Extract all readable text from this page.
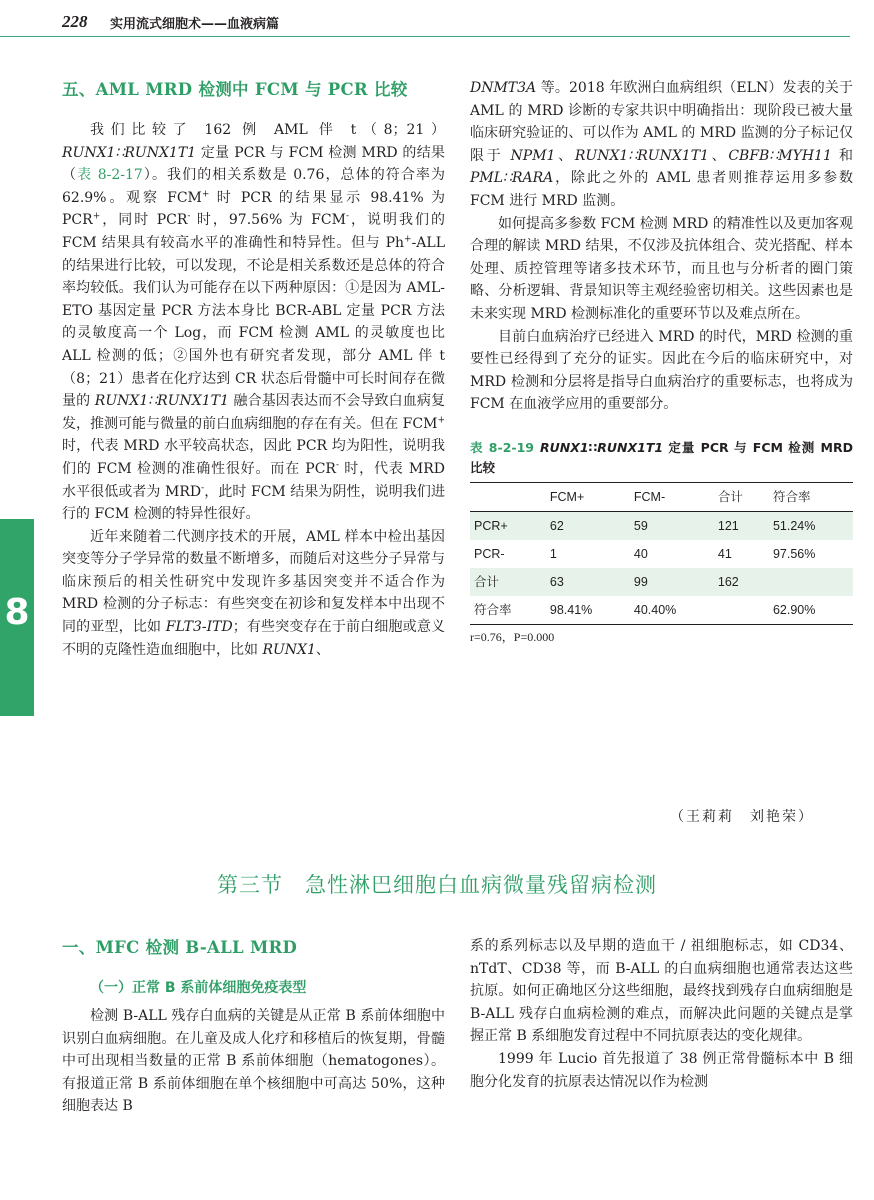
228 实用流式细胞术——血液病篇
8
五、AML MRD 检测中 FCM 与 PCR 比较

我们比较了 162 例 AML 伴 t（8；21）RUNX1∷RUNX1T1 定量 PCR 与 FCM 检测 MRD 的结果（表 8-2-17）。我们的相关系数是 0.76，总体的符合率为 62.9%。观察 FCM+ 时 PCR 的结果显示 98.41% 为 PCR+，同时 PCR- 时，97.56% 为 FCM-，说明我们的 FCM 结果具有较高水平的准确性和特异性。但与 Ph+-ALL 的结果进行比较，可以发现，不论是相关系数还是总体的符合率均较低。我们认为可能存在以下两种原因：①是因为 AML-ETO 基因定量 PCR 方法本身比 BCR-ABL 定量 PCR 方法的灵敏度高一个 Log，而 FCM 检测 AML 的灵敏度也比 ALL 检测的低；②国外也有研究者发现，部分 AML 伴 t（8；21）患者在化疗达到 CR 状态后骨髓中可长时间存在微量的 RUNX1∷RUNX1T1 融合基因表达而不会导致白血病复发，推测可能与微量的前白血病细胞的存在有关。但在 FCM+ 时，代表 MRD 水平较高状态，因此 PCR 均为阳性，说明我们的 FCM 检测的准确性很好。而在 PCR- 时，代表 MRD 水平很低或者为 MRD-，此时 FCM 结果为阴性，说明我们进行的 FCM 检测的特异性很好。

近年来随着二代测序技术的开展，AML 样本中检出基因突变等分子学异常的数量不断增多，而随后对这些分子异常与临床预后的相关性研究中发现许多基因突变并不适合作为 MRD 检测的分子标志：有些突变在初诊和复发样本中出现不同的亚型，比如 FLT3-ITD；有些突变存在于前白细胞或意义不明的克隆性造血细胞中，比如 RUNX1、

DNMT3A 等。2018 年欧洲白血病组织（ELN）发表的关于 AML 的 MRD 诊断的专家共识中明确指出：现阶段已被大量临床研究验证的、可以作为 AML 的 MRD 监测的分子标记仅限于 NPM1、RUNX1∷RUNX1T1、CBFB∷MYH11 和 PML∷RARA，除此之外的 AML 患者则推荐运用多参数 FCM 进行 MRD 监测。

如何提高多参数 FCM 检测 MRD 的精准性以及更加客观合理的解读 MRD 结果，不仅涉及抗体组合、荧光搭配、样本处理、质控管理等诸多技术环节，而且也与分析者的圈门策略、分析逻辑、背景知识等主观经验密切相关。这些因素也是未来实现 MRD 检测标准化的重要环节以及难点所在。

目前白血病治疗已经进入 MRD 的时代，MRD 检测的重要性已经得到了充分的证实。因此在今后的临床研究中，对 MRD 检测和分层将是指导白血病治疗的重要标志，也将成为 FCM 在血液学应用的重要部分。

表 8-2-19 RUNX1∷RUNX1T1 定量 PCR 与 FCM 检测 MRD 比较
	FCM+	FCM-	合计	符合率
PCR+	62	59	121	51.24%
PCR-	1	40	41	97.56%
合计	63	99	162	
符合率	98.41%	40.40%		62.90%
r=0.76，P=0.000
（王莉莉　刘艳荣）
第三节　急性淋巴细胞白血病微量残留病检测
一、MFC 检测 B-ALL MRD
（一）正常 B 系前体细胞免疫表型

检测 B-ALL 残存白血病的关键是从正常 B 系前体细胞中识别白血病细胞。在儿童及成人化疗和移植后的恢复期，骨髓中可出现相当数量的正常 B 系前体细胞（hematogones）。有报道正常 B 系前体细胞在单个核细胞中可高达 50%，这种细胞表达 B

系的系列标志以及早期的造血干 / 祖细胞标志，如 CD34、nTdT、CD38 等，而 B-ALL 的白血病细胞也通常表达这些抗原。如何正确地区分这些细胞，最终找到残存白血病细胞是 B-ALL 残存白血病检测的难点，而解决此问题的关键点是掌握正常 B 系细胞发育过程中不同抗原表达的变化规律。

1999 年 Lucio 首先报道了 38 例正常骨髓标本中 B 细胞分化发育的抗原表达情况以作为检测
